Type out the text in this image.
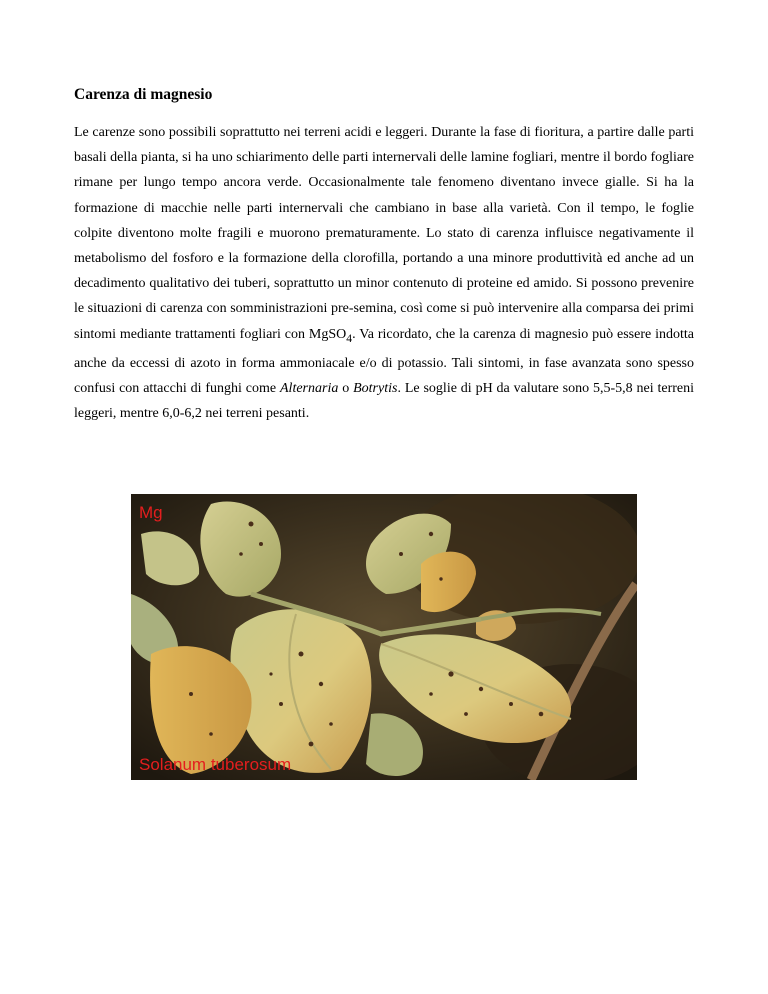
Carenza di magnesio

Le carenze sono possibili soprattutto nei terreni acidi e leggeri. Durante la fase di fioritura, a partire dalle parti basali della pianta, si ha uno schiarimento delle parti internervali delle lamine fogliari, mentre il bordo fogliare rimane per lungo tempo ancora verde. Occasionalmente tale fenomeno diventano invece gialle. Si ha la formazione di macchie nelle parti internervali che cambiano in base alla varietà. Con il tempo, le foglie colpite diventono molte fragili e muorono prematuramente. Lo stato di carenza influisce negativamente il metabolismo del fosforo e la formazione della clorofilla, portando a una minore produttività ed anche ad un decadimento qualitativo dei tuberi, soprattutto un minor contenuto di proteine ed amido. Si possono prevenire le situazioni di carenza con somministrazioni pre-semina, così come si può intervenire alla comparsa dei primi sintomi mediante trattamenti fogliari con MgSO$_4$. Va ricordato, che la carenza di magnesio può essere indotta anche da eccessi di azoto in forma ammoniacale e/o di potassio. Tali sintomi, in fase avanzata sono spesso confusi con attacchi di funghi come Alternaria o Botrytis. Le soglie di pH da valutare sono 5,5-5,8 nei terreni leggeri, mentre 6,0-6,2 nei terreni pesanti.

Mg
Solanum tuberosum
